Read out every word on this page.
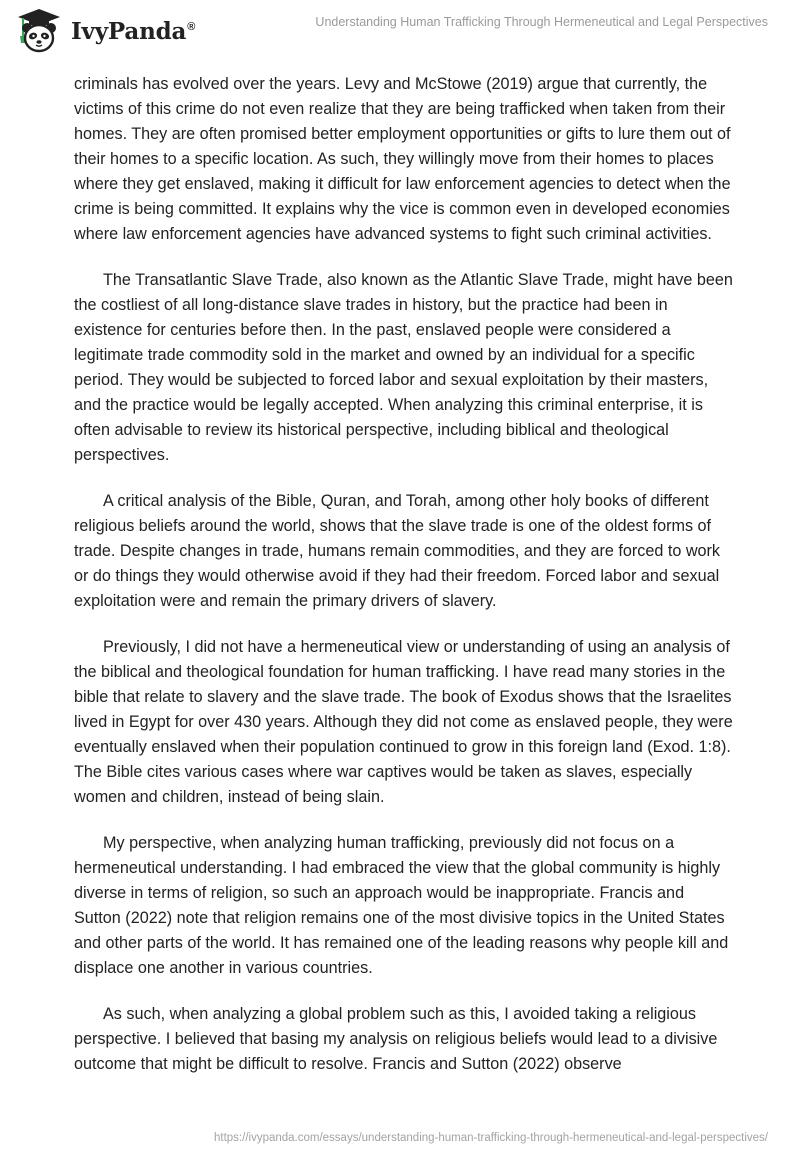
IvyPanda®	Understanding Human Trafficking Through Hermeneutical and Legal Perspectives

criminals has evolved over the years. Levy and McStowe (2019) argue that currently, the victims of this crime do not even realize that they are being trafficked when taken from their homes. They are often promised better employment opportunities or gifts to lure them out of their homes to a specific location. As such, they willingly move from their homes to places where they get enslaved, making it difficult for law enforcement agencies to detect when the crime is being committed. It explains why the vice is common even in developed economies where law enforcement agencies have advanced systems to fight such criminal activities.

The Transatlantic Slave Trade, also known as the Atlantic Slave Trade, might have been the costliest of all long-distance slave trades in history, but the practice had been in existence for centuries before then. In the past, enslaved people were considered a legitimate trade commodity sold in the market and owned by an individual for a specific period. They would be subjected to forced labor and sexual exploitation by their masters, and the practice would be legally accepted. When analyzing this criminal enterprise, it is often advisable to review its historical perspective, including biblical and theological perspectives.

A critical analysis of the Bible, Quran, and Torah, among other holy books of different religious beliefs around the world, shows that the slave trade is one of the oldest forms of trade. Despite changes in trade, humans remain commodities, and they are forced to work or do things they would otherwise avoid if they had their freedom. Forced labor and sexual exploitation were and remain the primary drivers of slavery.

Previously, I did not have a hermeneutical view or understanding of using an analysis of the biblical and theological foundation for human trafficking. I have read many stories in the bible that relate to slavery and the slave trade. The book of Exodus shows that the Israelites lived in Egypt for over 430 years. Although they did not come as enslaved people, they were eventually enslaved when their population continued to grow in this foreign land (Exod. 1:8). The Bible cites various cases where war captives would be taken as slaves, especially women and children, instead of being slain.

My perspective, when analyzing human trafficking, previously did not focus on a hermeneutical understanding. I had embraced the view that the global community is highly diverse in terms of religion, so such an approach would be inappropriate. Francis and Sutton (2022) note that religion remains one of the most divisive topics in the United States and other parts of the world. It has remained one of the leading reasons why people kill and displace one another in various countries.

As such, when analyzing a global problem such as this, I avoided taking a religious perspective. I believed that basing my analysis on religious beliefs would lead to a divisive outcome that might be difficult to resolve. Francis and Sutton (2022) observe

https://ivypanda.com/essays/understanding-human-trafficking-through-hermeneutical-and-legal-perspectives/
